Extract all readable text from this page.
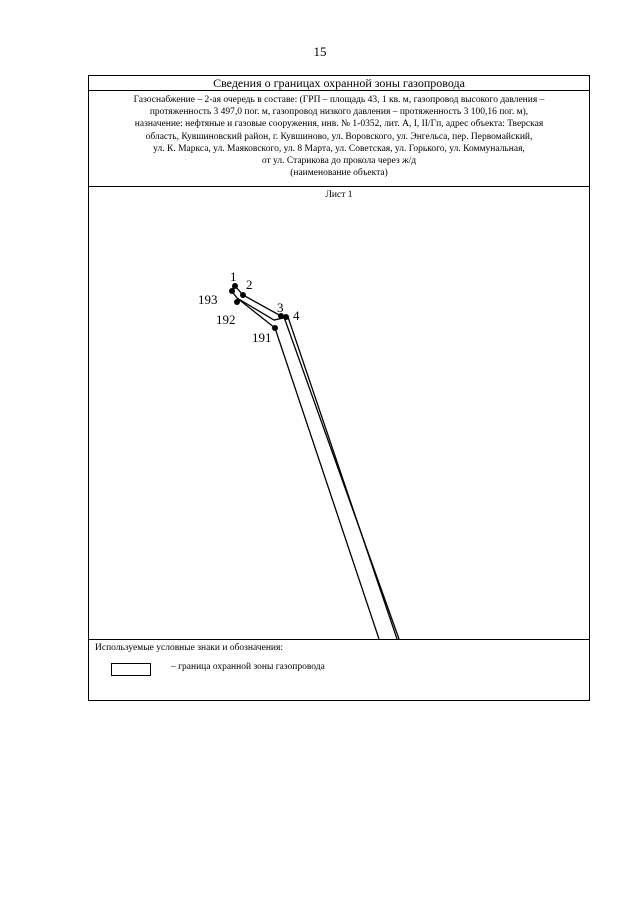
15
Сведения о границах охранной зоны газопровода
Газоснабжение – 2-ая очередь в составе: (ГРП – площадь 43, 1 кв. м, газопровод высокого давления –
протяженность 3 497,0 пог. м, газопровод низкого давления – протяженность 3 100,16 пог. м),
назначение: нефтяные и газовые сооружения, инв. № 1-0352, лит. А, I, II/Гп, адрес объекта: Тверская
область, Кувшиновский район, г. Кувшиново, ул. Воровского, ул. Энгельса, пер. Первомайский,
ул. К. Маркса, ул. Маяковского, ул. 8 Марта, ул. Советская, ул. Горького, ул. Коммунальная,
от ул. Старикова до прокола через ж/д
(наименование объекта)
Лист 1
1
2
3
4
193
192
191
Используемые условные знаки и обозначения:
– граница охранной зоны газопровода
